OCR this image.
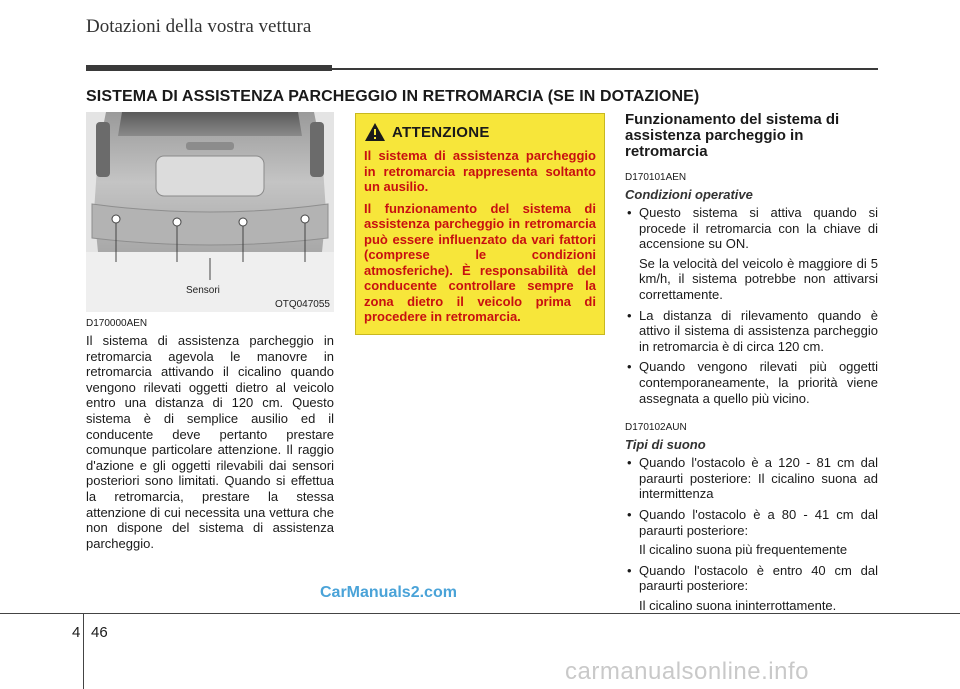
Dotazioni della vostra vettura
SISTEMA DI ASSISTENZA PARCHEGGIO IN RETROMARCIA (SE IN DOTAZIONE)
Sensori
OTQ047055
D170000AEN
Il sistema di assistenza parcheggio in retromarcia agevola le manovre in retromarcia attivando il cicalino quando vengono rilevati oggetti dietro al veicolo entro una distanza di 120 cm. Questo sistema è di semplice ausilio ed il conducente deve pertanto prestare comunque particolare attenzione. Il raggio d'azione e gli oggetti rilevabili dai sensori posteriori sono limitati. Quando si effettua la retromarcia, prestare la stessa attenzione di cui necessita una vettura che non dispone del sistema di assistenza parcheggio.
ATTENZIONE

Il sistema di assistenza parcheggio in retromarcia rappresenta soltanto un ausilio.

Il funzionamento del sistema di assistenza parcheggio in retromarcia può essere influenzato da vari fattori (comprese le condizioni atmosferiche). È responsabilità del conducente controllare sempre la zona dietro il veicolo prima di procedere in retromarcia.

Funzionamento del sistema di assistenza parcheggio in retromarcia
D170101AEN
Condizioni operative
• Questo sistema si attiva quando si procede il retromarcia con la chiave di accensione su ON.
Se la velocità del veicolo è maggiore di 5 km/h, il sistema potrebbe non attivarsi correttamente.
• La distanza di rilevamento quando è attivo il sistema di assistenza parcheggio in retromarcia è di circa 120 cm.
• Quando vengono rilevati più oggetti contemporaneamente, la priorità viene assegnata a quello più vicino.
D170102AUN
Tipi di suono
• Quando l'ostacolo è a 120 - 81 cm dal paraurti posteriore: Il cicalino suona ad intermittenza
• Quando l'ostacolo è a 80 - 41 cm dal paraurti posteriore:
Il cicalino suona più frequentemente
• Quando l'ostacolo è entro 40 cm dal paraurti posteriore:
Il cicalino suona ininterrottamente.
CarManuals2.com
4 46
carmanualsonline.info
